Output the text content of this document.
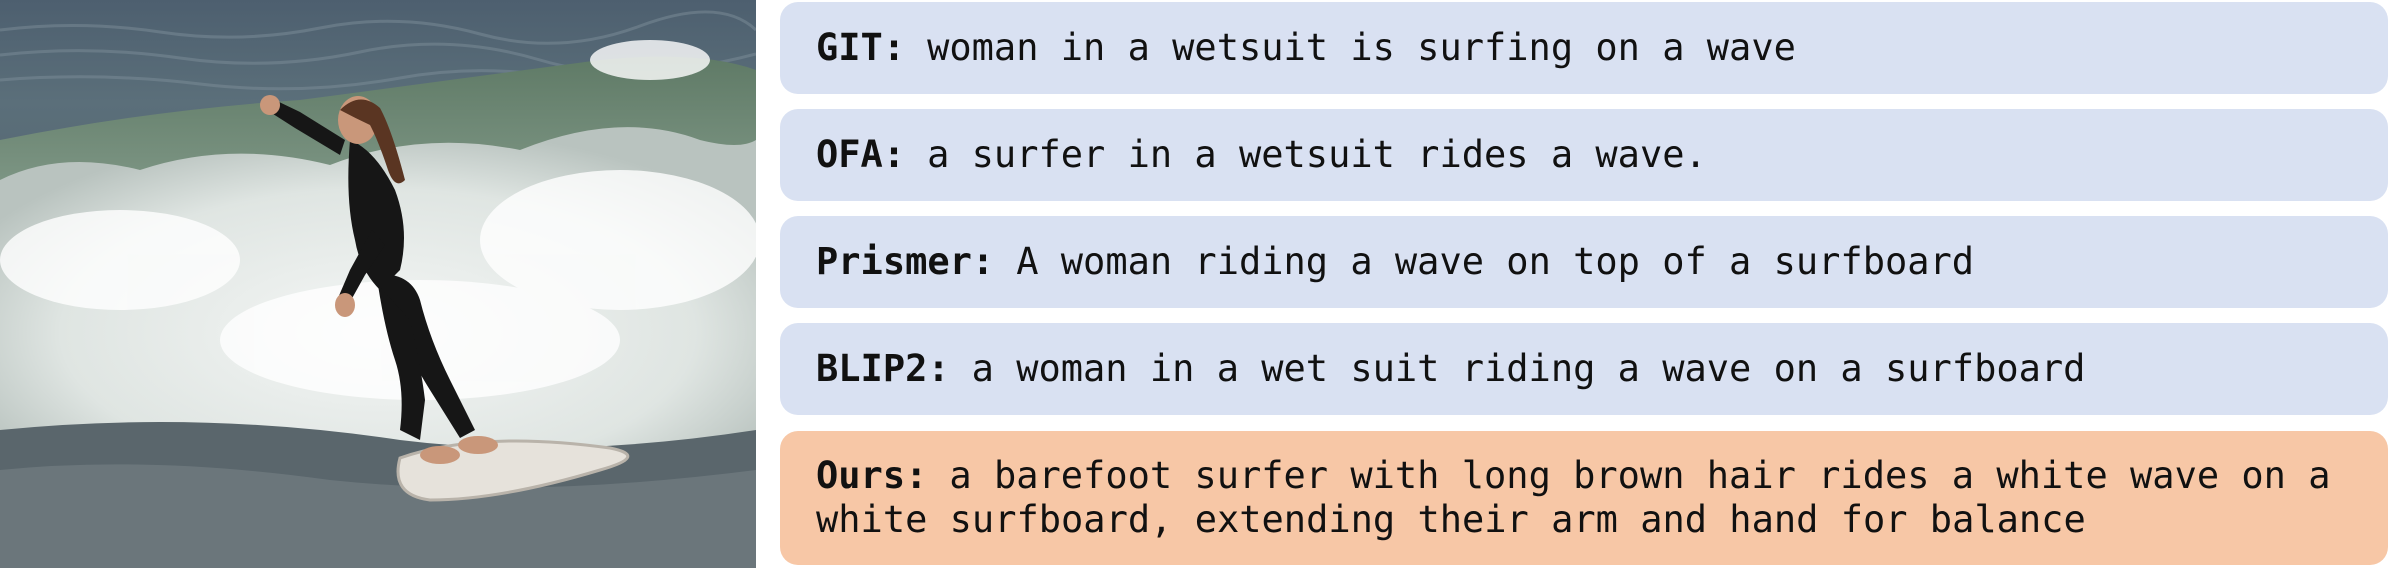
GIT: woman in a wetsuit is surfing on a wave
OFA: a surfer in a wetsuit rides a wave.
Prismer: A woman riding a wave on top of a surfboard
BLIP2: a woman in a wet suit riding a wave on a surfboard
Ours: a barefoot surfer with long brown hair rides a white wave on a white surfboard, extending their arm and hand for balance
